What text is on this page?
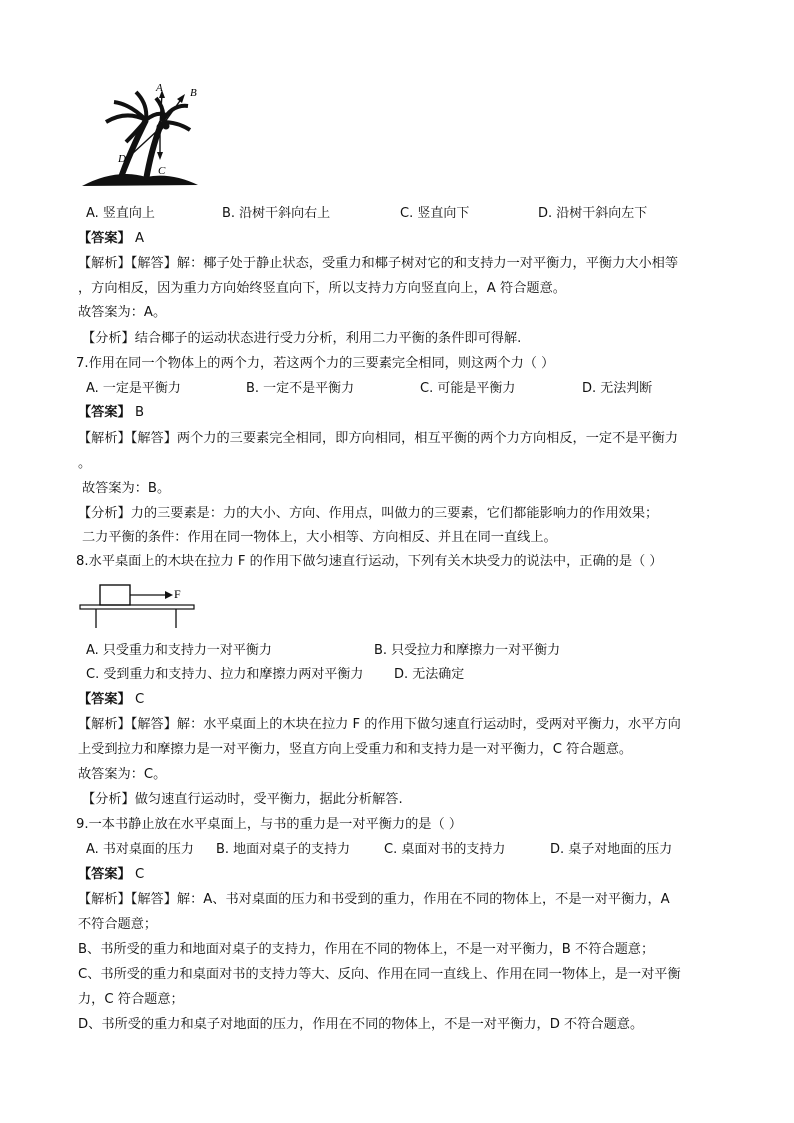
A B
C
D
A. 竖直向上	B. 沿树干斜向右上	C. 竖直向下	D. 沿树干斜向左下
【答案】 A
【解析】【解答】解：椰子处于静止状态，受重力和椰子树对它的和支持力一对平衡力，平衡力大小相等
，方向相反，因为重力方向始终竖直向下，所以支持力方向竖直向上，A 符合题意。
故答案为：A。
【分析】结合椰子的运动状态进行受力分析，利用二力平衡的条件即可得解.
7.作用在同一个物体上的两个力，若这两个力的三要素完全相同，则这两个力（ ）
A. 一定是平衡力	B. 一定不是平衡力	C. 可能是平衡力	D. 无法判断
【答案】 B
【解析】【解答】两个力的三要素完全相同，即方向相同，相互平衡的两个力方向相反，一定不是平衡力
。
故答案为：B。
【分析】力的三要素是：力的大小、方向、作用点，叫做力的三要素，它们都能影响力的作用效果；
二力平衡的条件：作用在同一物体上，大小相等、方向相反、并且在同一直线上。
8.水平桌面上的木块在拉力 F 的作用下做匀速直行运动，下列有关木块受力的说法中，正确的是（ ）
F
A. 只受重力和支持力一对平衡力	B. 只受拉力和摩擦力一对平衡力
C. 受到重力和支持力、拉力和摩擦力两对平衡力 D. 无法确定
【答案】 C
【解析】【解答】解：水平桌面上的木块在拉力 F 的作用下做匀速直行运动时，受两对平衡力，水平方向
上受到拉力和摩擦力是一对平衡力，竖直方向上受重力和和支持力是一对平衡力，C 符合题意。
故答案为：C。
【分析】做匀速直行运动时，受平衡力，据此分析解答.
9.一本书静止放在水平桌面上，与书的重力是一对平衡力的是（ ）
A. 书对桌面的压力 B. 地面对桌子的支持力	C. 桌面对书的支持力	D. 桌子对地面的压力
【答案】 C
【解析】【解答】解：A、书对桌面的压力和书受到的重力，作用在不同的物体上，不是一对平衡力，A
不符合题意；
B、书所受的重力和地面对桌子的支持力，作用在不同的物体上，不是一对平衡力，B 不符合题意；
C、书所受的重力和桌面对书的支持力等大、反向、作用在同一直线上、作用在同一物体上，是一对平衡
力，C 符合题意；
D、书所受的重力和桌子对地面的压力，作用在不同的物体上，不是一对平衡力，D 不符合题意。
